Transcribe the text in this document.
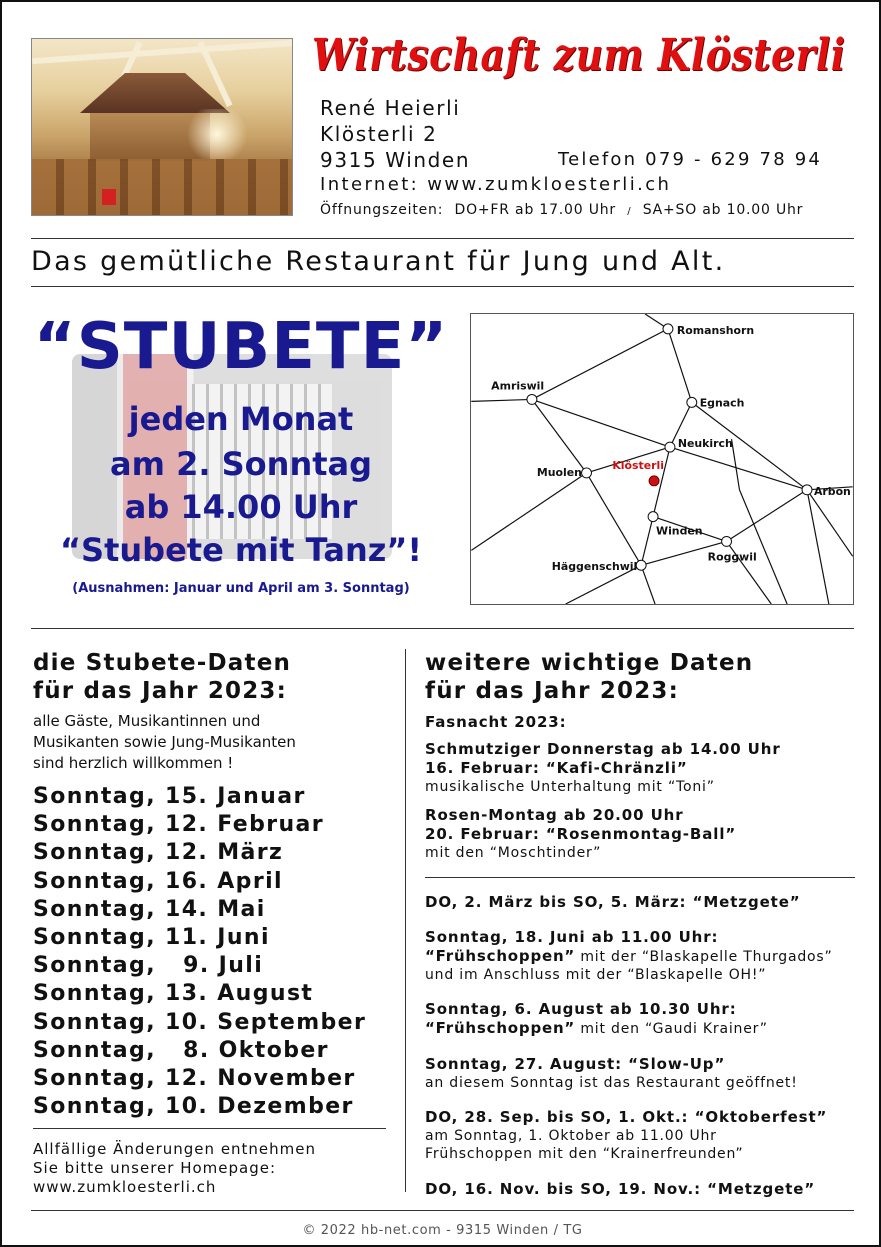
Wirtschaft zum Klösterli
René Heierli
Klösterli 2
9315 Winden	Telefon 079 - 629 78 94
Internet: www.zumkloesterli.ch
Öffnungszeiten: DO+FR ab 17.00 Uhr / SA+SO ab 10.00 Uhr
Das gemütliche Restaurant für Jung und Alt.
“STUBETE”
jeden Monat
am 2. Sonntag
ab 14.00 Uhr
“Stubete mit Tanz”!
(Ausnahmen: Januar und April am 3. Sonntag)
Romanshorn
Amriswil
Egnach
Neukirch
Muolen
Klösterli
Arbon
Winden
Roggwil
Häggenschwil
die Stubete-Daten
für das Jahr 2023:
alle Gäste, Musikantinnen und
Musikanten sowie Jung-Musikanten
sind herzlich willkommen !
Sonntag, 15. Januar
Sonntag, 12. Februar
Sonntag, 12. März
Sonntag, 16. April
Sonntag, 14. Mai
Sonntag, 11. Juni
Sonntag,   9. Juli
Sonntag, 13. August
Sonntag, 10. September
Sonntag,   8. Oktober
Sonntag, 12. November
Sonntag, 10. Dezember
Allfällige Änderungen entnehmen
Sie bitte unserer Homepage:
www.zumkloesterli.ch
weitere wichtige Daten
für das Jahr 2023:
Fasnacht 2023:
Schmutziger Donnerstag ab 14.00 Uhr
16. Februar: “Kafi-Chränzli”
musikalische Unterhaltung mit “Toni”
Rosen-Montag ab 20.00 Uhr
20. Februar: “Rosenmontag-Ball”
mit den “Moschtinder”
DO, 2. März bis SO, 5. März: “Metzgete”
Sonntag, 18. Juni ab 11.00 Uhr:
“Frühschoppen” mit der “Blaskapelle Thurgados”
und im Anschluss mit der “Blaskapelle OH!”
Sonntag, 6. August ab 10.30 Uhr:
“Frühschoppen” mit den “Gaudi Krainer”
Sonntag, 27. August: “Slow-Up”
an diesem Sonntag ist das Restaurant geöffnet!
DO, 28. Sep. bis SO, 1. Okt.: “Oktoberfest”
am Sonntag, 1. Oktober ab 11.00 Uhr
Frühschoppen mit den “Krainerfreunden”
DO, 16. Nov. bis SO, 19. Nov.: “Metzgete”
© 2022 hb-net.com - 9315 Winden / TG
